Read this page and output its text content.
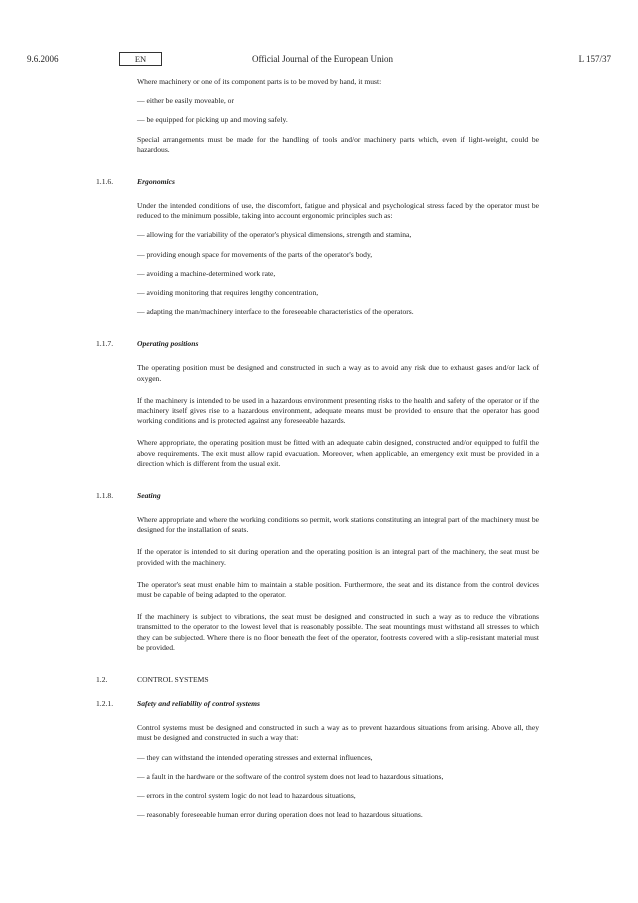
9.6.2006	EN	Official Journal of the European Union	L 157/37

Where machinery or one of its component parts is to be moved by hand, it must:

— either be easily moveable, or
— be equipped for picking up and moving safely.

Special arrangements must be made for the handling of tools and/or machinery parts which, even if light-weight, could be hazardous.

1.1.6.	Ergonomics

Under the intended conditions of use, the discomfort, fatigue and physical and psychological stress faced by the operator must be reduced to the minimum possible, taking into account ergonomic principles such as:

— allowing for the variability of the operator's physical dimensions, strength and stamina,
— providing enough space for movements of the parts of the operator's body,
— avoiding a machine-determined work rate,
— avoiding monitoring that requires lengthy concentration,
— adapting the man/machinery interface to the foreseeable characteristics of the operators.
1.1.7.	Operating positions

The operating position must be designed and constructed in such a way as to avoid any risk due to exhaust gases and/or lack of oxygen.

If the machinery is intended to be used in a hazardous environment presenting risks to the health and safety of the operator or if the machinery itself gives rise to a hazardous environment, adequate means must be provided to ensure that the operator has good working conditions and is protected against any foreseeable hazards.

Where appropriate, the operating position must be fitted with an adequate cabin designed, constructed and/or equipped to fulfil the above requirements. The exit must allow rapid evacuation. Moreover, when applicable, an emergency exit must be provided in a direction which is different from the usual exit.

1.1.8.	Seating

Where appropriate and where the working conditions so permit, work stations constituting an integral part of the machinery must be designed for the installation of seats.

If the operator is intended to sit during operation and the operating position is an integral part of the machinery, the seat must be provided with the machinery.

The operator's seat must enable him to maintain a stable position. Furthermore, the seat and its distance from the control devices must be capable of being adapted to the operator.

If the machinery is subject to vibrations, the seat must be designed and constructed in such a way as to reduce the vibrations transmitted to the operator to the lowest level that is reasonably possible. The seat mountings must withstand all stresses to which they can be subjected. Where there is no floor beneath the feet of the operator, footrests covered with a slip-resistant material must be provided.

1.2.	CONTROL SYSTEMS
1.2.1.	Safety and reliability of control systems

Control systems must be designed and constructed in such a way as to prevent hazardous situations from arising. Above all, they must be designed and constructed in such a way that:

— they can withstand the intended operating stresses and external influences,
— a fault in the hardware or the software of the control system does not lead to hazardous situations,
— errors in the control system logic do not lead to hazardous situations,
— reasonably foreseeable human error during operation does not lead to hazardous situations.
